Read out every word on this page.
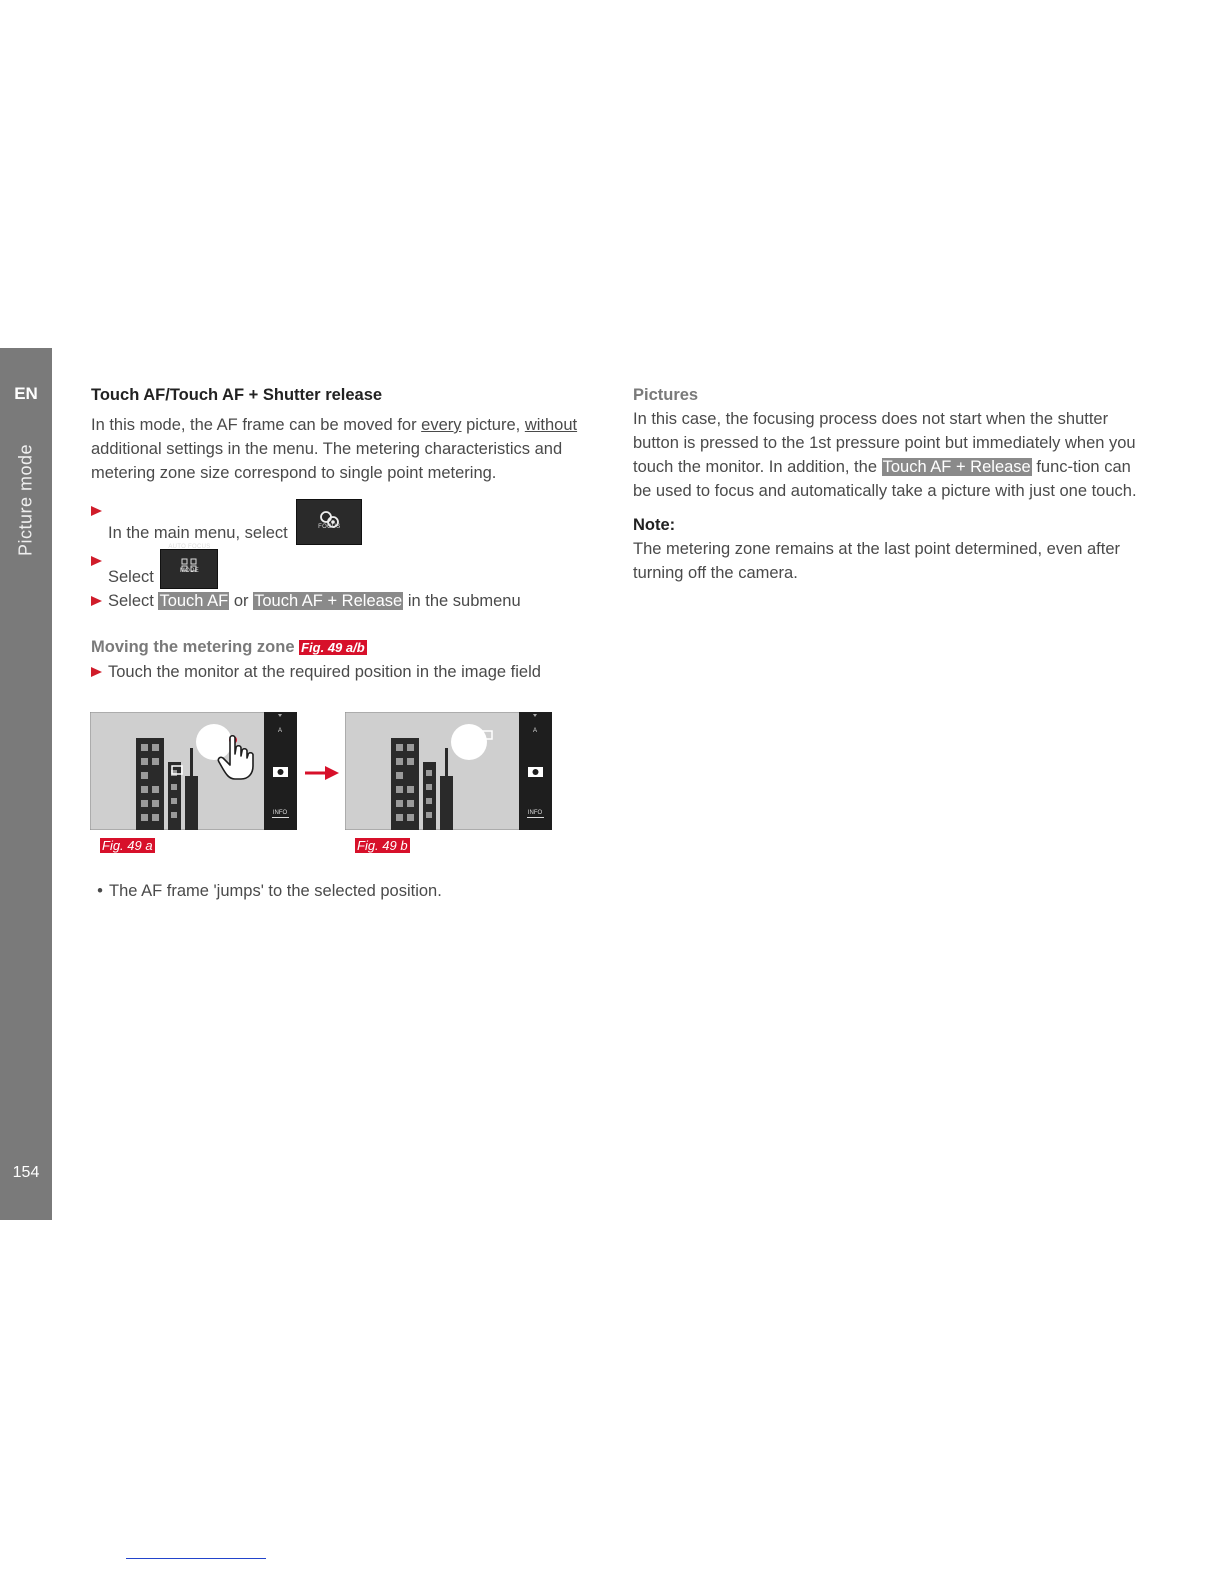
EN
Picture mode
154

Touch AF/Touch AF + Shutter release

In this mode, the AF frame can be moved for every picture, without additional settings in the menu. The metering characteristics and metering zone size correspond to single point metering.

In the main menu, select	FOCUS
Select
AUTO FOCUS MODE
Select Touch AF or Touch AF + Release in the submenu

Moving the metering zone Fig. 49 a/b

Touch the monitor at the required position in the image field
A
INFO
A
INFO
Fig. 49 a	Fig. 49 b
• The AF frame 'jumps' to the selected position.

Pictures

In this case, the focusing process does not start when the shutter button is pressed to the 1st pressure point but immediately when you touch the monitor. In addition, the Touch AF + Release func-tion can be used to focus and automatically take a picture with just one touch.

Note:

The metering zone remains at the last point determined, even after turning off the camera.
